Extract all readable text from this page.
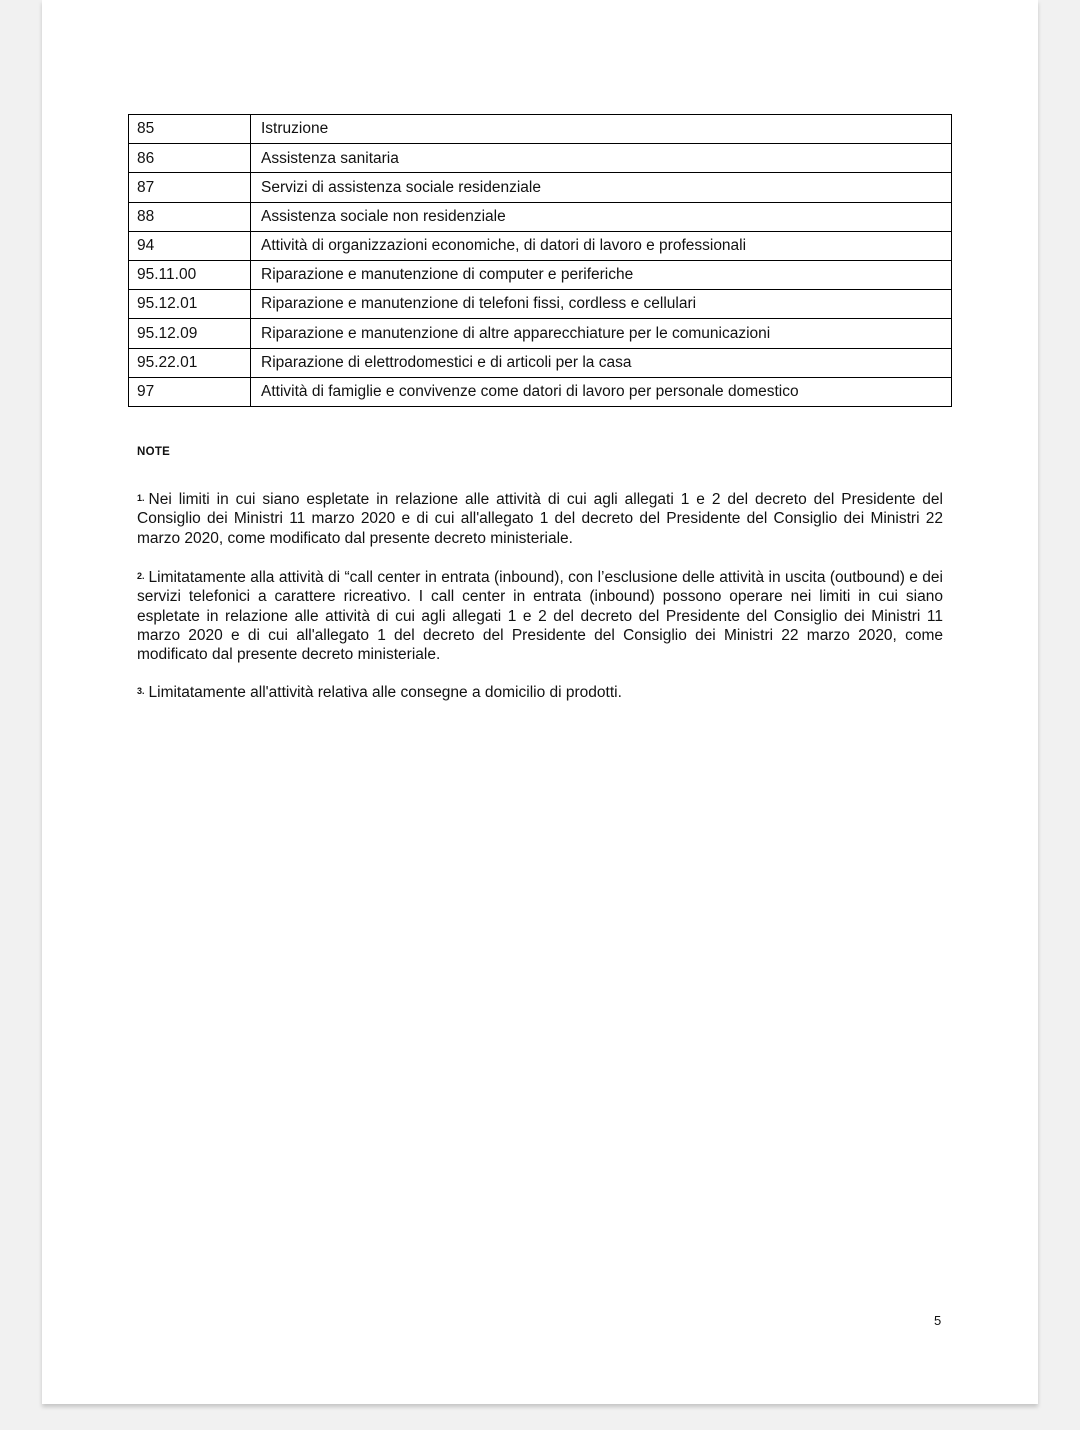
85	Istruzione
86	Assistenza sanitaria
87	Servizi di assistenza sociale residenziale
88	Assistenza sociale non residenziale
94	Attività di organizzazioni economiche, di datori di lavoro e professionali
95.11.00	Riparazione e manutenzione di computer e periferiche
95.12.01	Riparazione e manutenzione di telefoni fissi, cordless e cellulari
95.12.09	Riparazione e manutenzione di altre apparecchiature per le comunicazioni
95.22.01	Riparazione di elettrodomestici e di articoli per la casa
97	Attività di famiglie e convivenze come datori di lavoro per personale domestico
NOTE
$^{1.}$ Nei limiti in cui siano espletate in relazione alle attività di cui agli allegati 1 e 2 del decreto del Presidente del Consiglio dei Ministri 11 marzo 2020 e di cui all'allegato 1 del decreto del Presidente del Consiglio dei Ministri 22 marzo 2020, come modificato dal presente decreto ministeriale.
$^{2.}$ Limitatamente alla attività di “call center in entrata (inbound), con l’esclusione delle attività in uscita (outbound) e dei servizi telefonici a carattere ricreativo. I call center in entrata (inbound) possono operare nei limiti in cui siano espletate in relazione alle attività di cui agli allegati 1 e 2 del decreto del Presidente del Consiglio dei Ministri 11 marzo 2020 e di cui all'allegato 1 del decreto del Presidente del Consiglio dei Ministri 22 marzo 2020, come modificato dal presente decreto ministeriale.
$^{3.}$ Limitatamente all'attività relativa alle consegne a domicilio di prodotti.
5
